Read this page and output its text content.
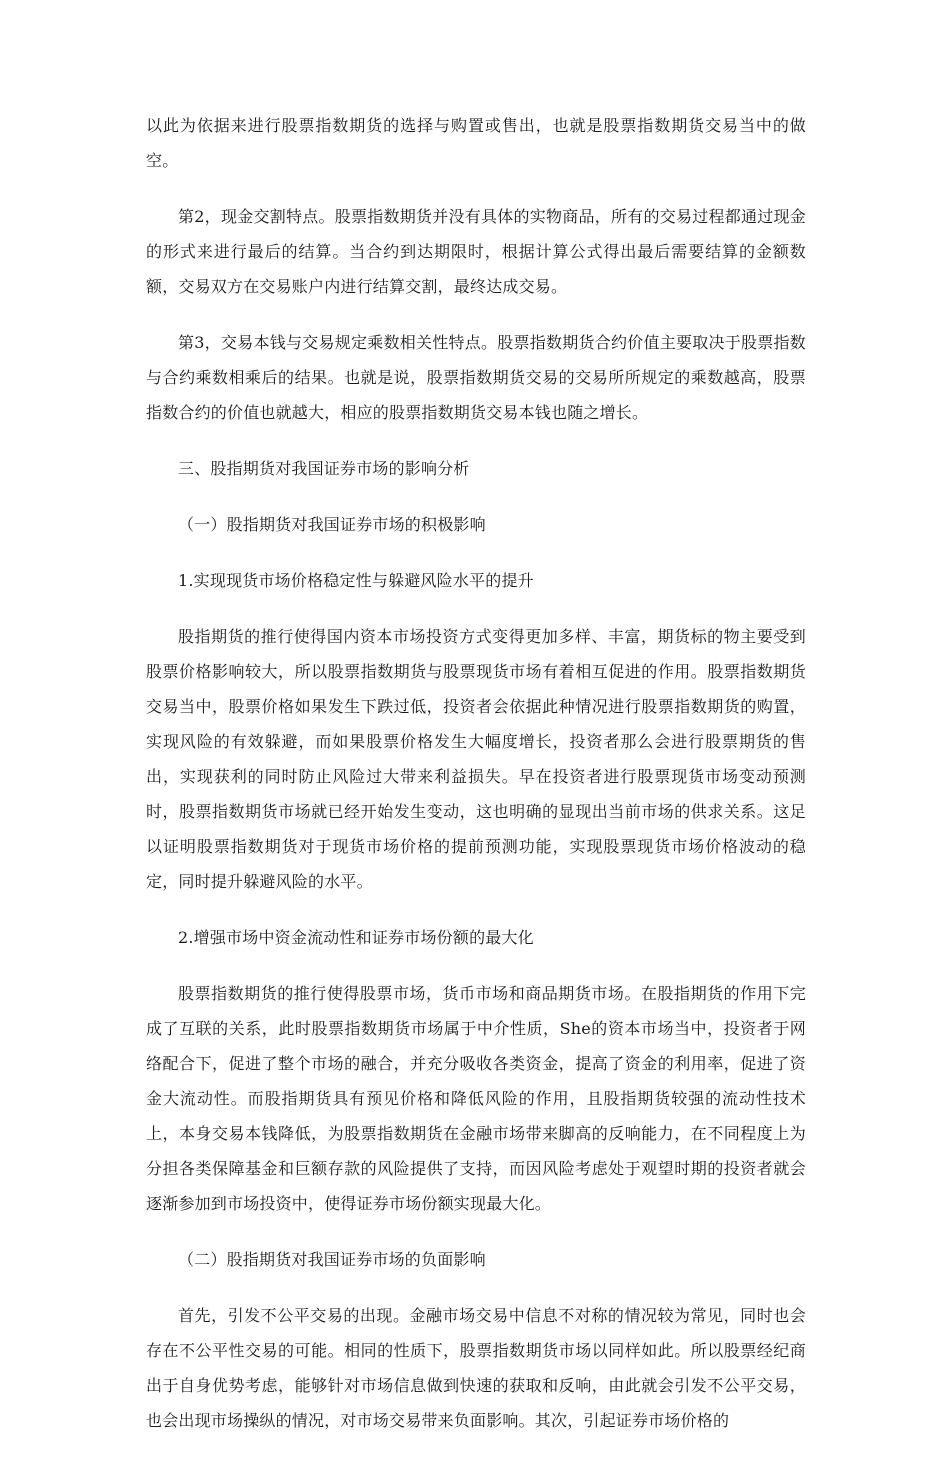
以此为依据来进行股票指数期货的选择与购置或售出，也就是股票指数期货交易当中的做空。

第2，现金交割特点。股票指数期货并没有具体的实物商品，所有的交易过程都通过现金的形式来进行最后的结算。当合约到达期限时，根据计算公式得出最后需要结算的金额数额，交易双方在交易账户内进行结算交割，最终达成交易。

第3，交易本钱与交易规定乘数相关性特点。股票指数期货合约价值主要取决于股票指数与合约乘数相乘后的结果。也就是说，股票指数期货交易的交易所所规定的乘数越高，股票指数合约的价值也就越大，相应的股票指数期货交易本钱也随之增长。

三、股指期货对我国证券市场的影响分析

（一）股指期货对我国证券市场的积极影响

1.实现现货市场价格稳定性与躲避风险水平的提升

股指期货的推行使得国内资本市场投资方式变得更加多样、丰富，期货标的物主要受到股票价格影响较大，所以股票指数期货与股票现货市场有着相互促进的作用。股票指数期货交易当中，股票价格如果发生下跌过低，投资者会依据此种情况进行股票指数期货的购置，实现风险的有效躲避，而如果股票价格发生大幅度增长，投资者那么会进行股票期货的售出，实现获利的同时防止风险过大带来利益损失。早在投资者进行股票现货市场变动预测时，股票指数期货市场就已经开始发生变动，这也明确的显现出当前市场的供求关系。这足以证明股票指数期货对于现货市场价格的提前预测功能，实现股票现货市场价格波动的稳定，同时提升躲避风险的水平。

2.增强市场中资金流动性和证券市场份额的最大化

股票指数期货的推行使得股票市场，货币市场和商品期货市场。在股指期货的作用下完成了互联的关系，此时股票指数期货市场属于中介性质，She的资本市场当中，投资者于网络配合下，促进了整个市场的融合，并充分吸收各类资金，提高了资金的利用率，促进了资金大流动性。而股指期货具有预见价格和降低风险的作用，且股指期货较强的流动性技术上，本身交易本钱降低，为股票指数期货在金融市场带来脚高的反响能力，在不同程度上为分担各类保障基金和巨额存款的风险提供了支持，而因风险考虑处于观望时期的投资者就会逐渐参加到市场投资中，使得证券市场份额实现最大化。

（二）股指期货对我国证券市场的负面影响

首先，引发不公平交易的出现。金融市场交易中信息不对称的情况较为常见，同时也会存在不公平性交易的可能。相同的性质下，股票指数期货市场以同样如此。所以股票经纪商出于自身优势考虑，能够针对市场信息做到快速的获取和反响，由此就会引发不公平交易，也会出现市场操纵的情况，对市场交易带来负面影响。其次，引起证券市场价格的
